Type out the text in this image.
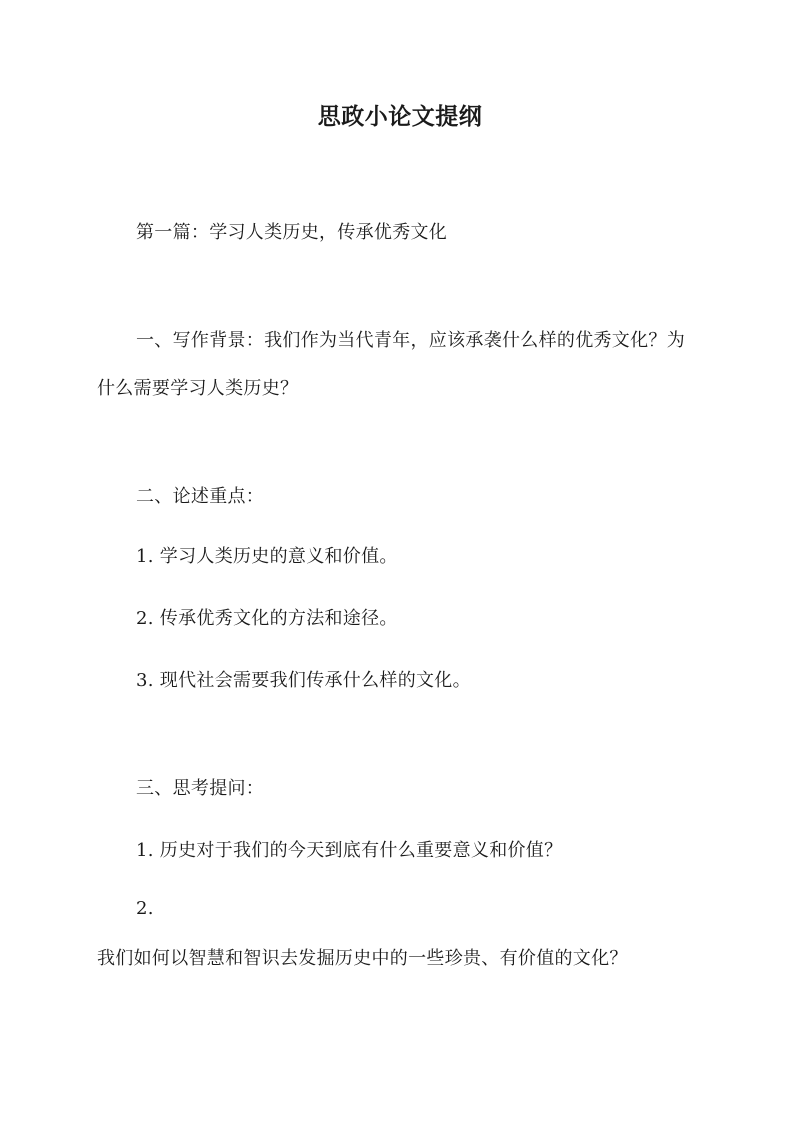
思政小论文提纲
第一篇：学习人类历史，传承优秀文化
一、写作背景：我们作为当代青年，应该承袭什么样的优秀文化？为
什么需要学习人类历史？
二、论述重点：
1. 学习人类历史的意义和价值。
2. 传承优秀文化的方法和途径。
3. 现代社会需要我们传承什么样的文化。
三、思考提问：
1. 历史对于我们的今天到底有什么重要意义和价值？
2.
我们如何以智慧和智识去发掘历史中的一些珍贵、有价值的文化？
